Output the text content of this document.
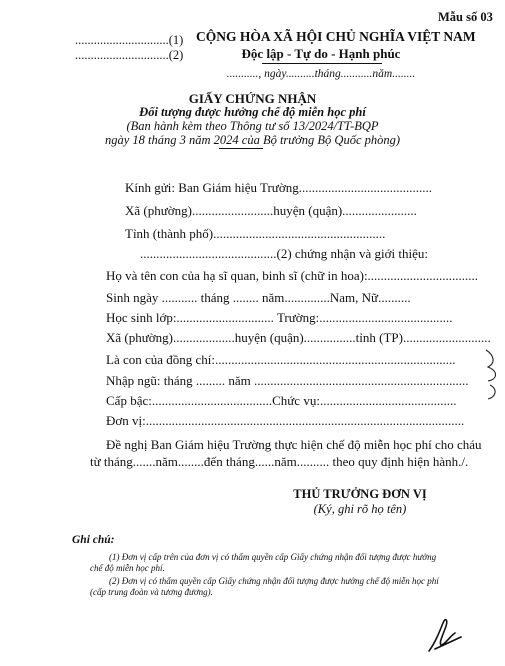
Mẫu số 03
..............................(1)
..............................(2)
CỘNG HÒA XÃ HỘI CHỦ NGHĨA VIỆT NAM
Độc lập - Tự do - Hạnh phúc
..........., ngày..........tháng...........năm........
GIẤY CHỨNG NHẬN
Đối tượng được hưởng chế độ miễn học phí
(Ban hành kèm theo Thông tư số 13/2024/TT-BQP
ngày 18 tháng 3 năm 2024 của Bộ trưởng Bộ Quốc phòng)
Kính gửi: Ban Giám hiệu Trường.........................................
Xã (phường).........................huyện (quận).......................
Tỉnh (thành phố).....................................................
..........................................(2) chứng nhận và giới thiệu:
Họ và tên con của hạ sĩ quan, binh sĩ (chữ in hoa):..................................
Sinh ngày ........... tháng ........ năm..............Nam, Nữ..........
Học sinh lớp:.............................. Trường:.........................................
Xã (phường)...................huyện (quận)................tỉnh (TP)...........................
Là con của đồng chí:..........................................................................
Nhập ngũ: tháng ......... năm ..................................................................
Cấp bậc:.....................................Chức vụ:..........................................
Đơn vị:..................................................................................................
Đề nghị Ban Giám hiệu Trường thực hiện chế độ miễn học phí cho cháu
từ tháng.......năm........đến tháng......năm.......... theo quy định hiện hành./.
THỦ TRƯỞNG ĐƠN VỊ
(Ký, ghi rõ họ tên)
Ghi chú:
(1) Đơn vị cấp trên của đơn vị có thẩm quyền cấp Giấy chứng nhận đối tượng được hưởng
chế độ miễn học phí.
(2) Đơn vị có thẩm quyền cấp Giấy chứng nhận đối tượng được hưởng chế độ miễn học phí
(cấp trung đoàn và tương đương).
